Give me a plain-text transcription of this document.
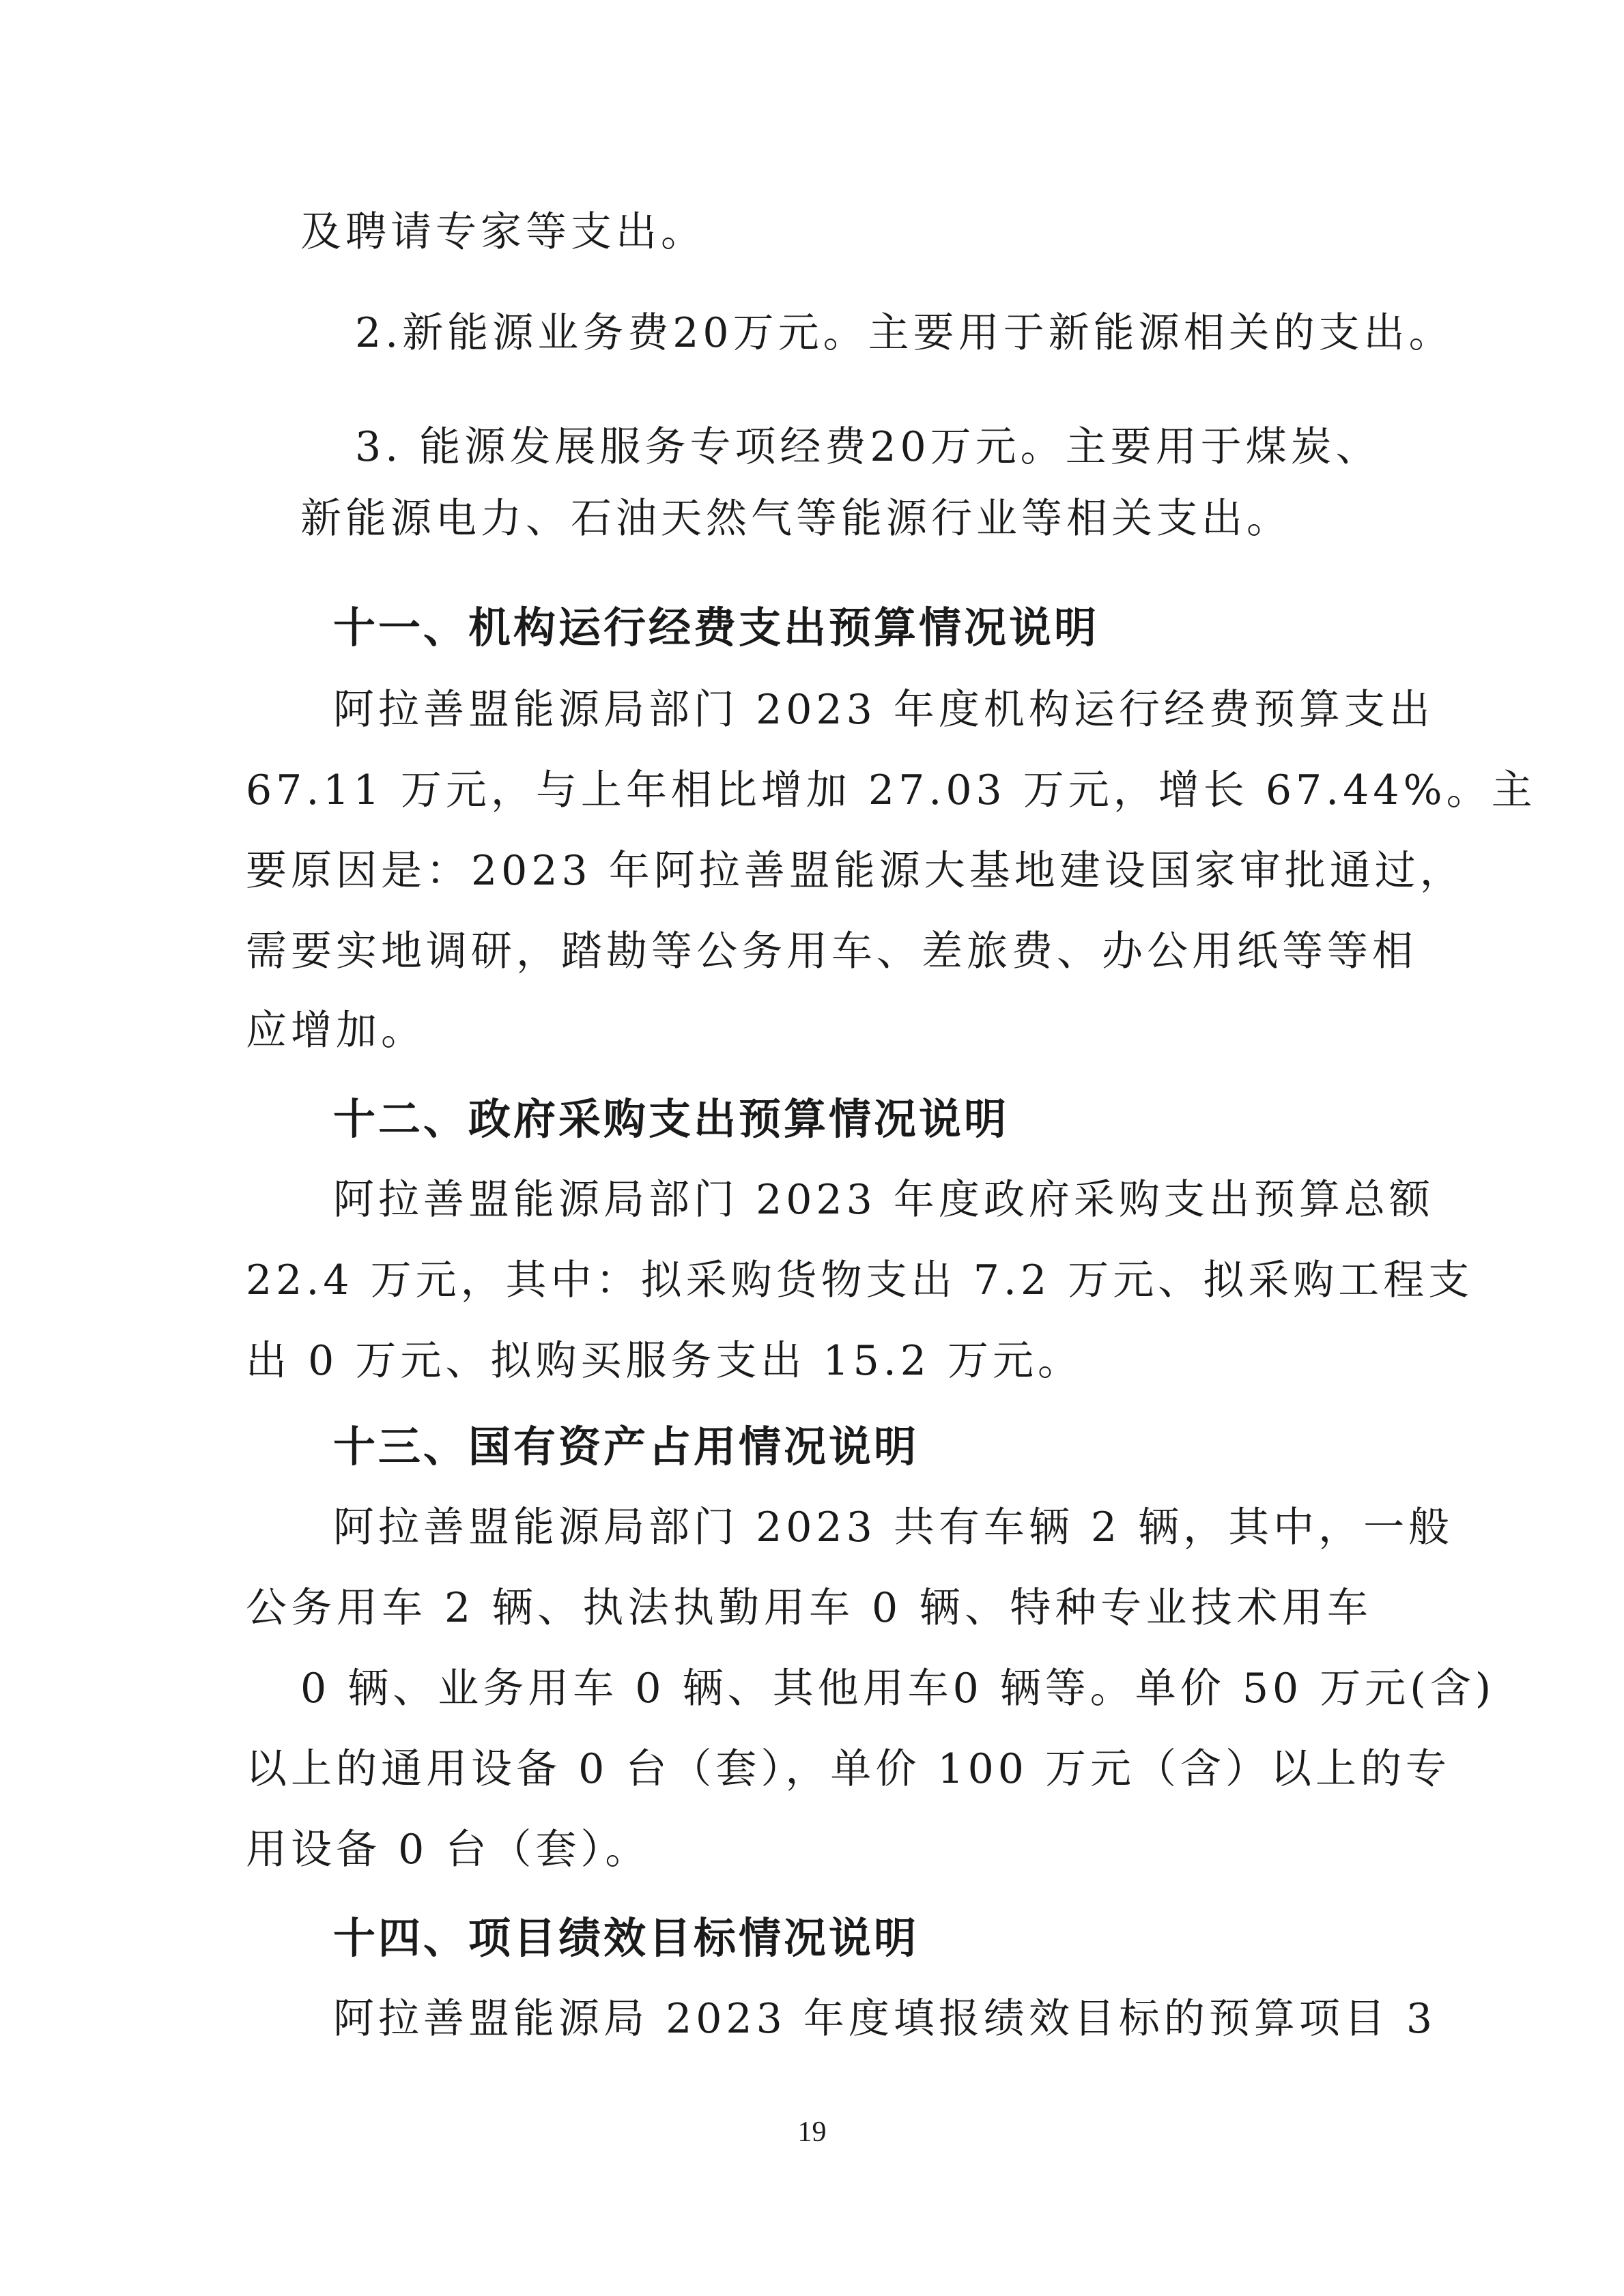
及聘请专家等支出。
2.新能源业务费20万元。主要用于新能源相关的支出。
3. 能源发展服务专项经费20万元。主要用于煤炭、
新能源电力、石油天然气等能源行业等相关支出。
十一、机构运行经费支出预算情况说明
阿拉善盟能源局部门 2023 年度机构运行经费预算支出
67.11 万元，与上年相比增加 27.03 万元，增长 67.44%。主
要原因是：2023 年阿拉善盟能源大基地建设国家审批通过，
需要实地调研，踏勘等公务用车、差旅费、办公用纸等等相
应增加。
十二、政府采购支出预算情况说明
阿拉善盟能源局部门 2023 年度政府采购支出预算总额
22.4 万元，其中：拟采购货物支出 7.2 万元、拟采购工程支
出 0 万元、拟购买服务支出 15.2 万元。
十三、国有资产占用情况说明
阿拉善盟能源局部门 2023 共有车辆 2 辆，其中，一般
公务用车 2 辆、执法执勤用车 0 辆、特种专业技术用车
0 辆、业务用车 0 辆、其他用车0 辆等。单价 50 万元(含)
以上的通用设备 0 台（套），单价 100 万元（含）以上的专
用设备 0 台（套）。
十四、项目绩效目标情况说明
阿拉善盟能源局 2023 年度填报绩效目标的预算项目 3
19
